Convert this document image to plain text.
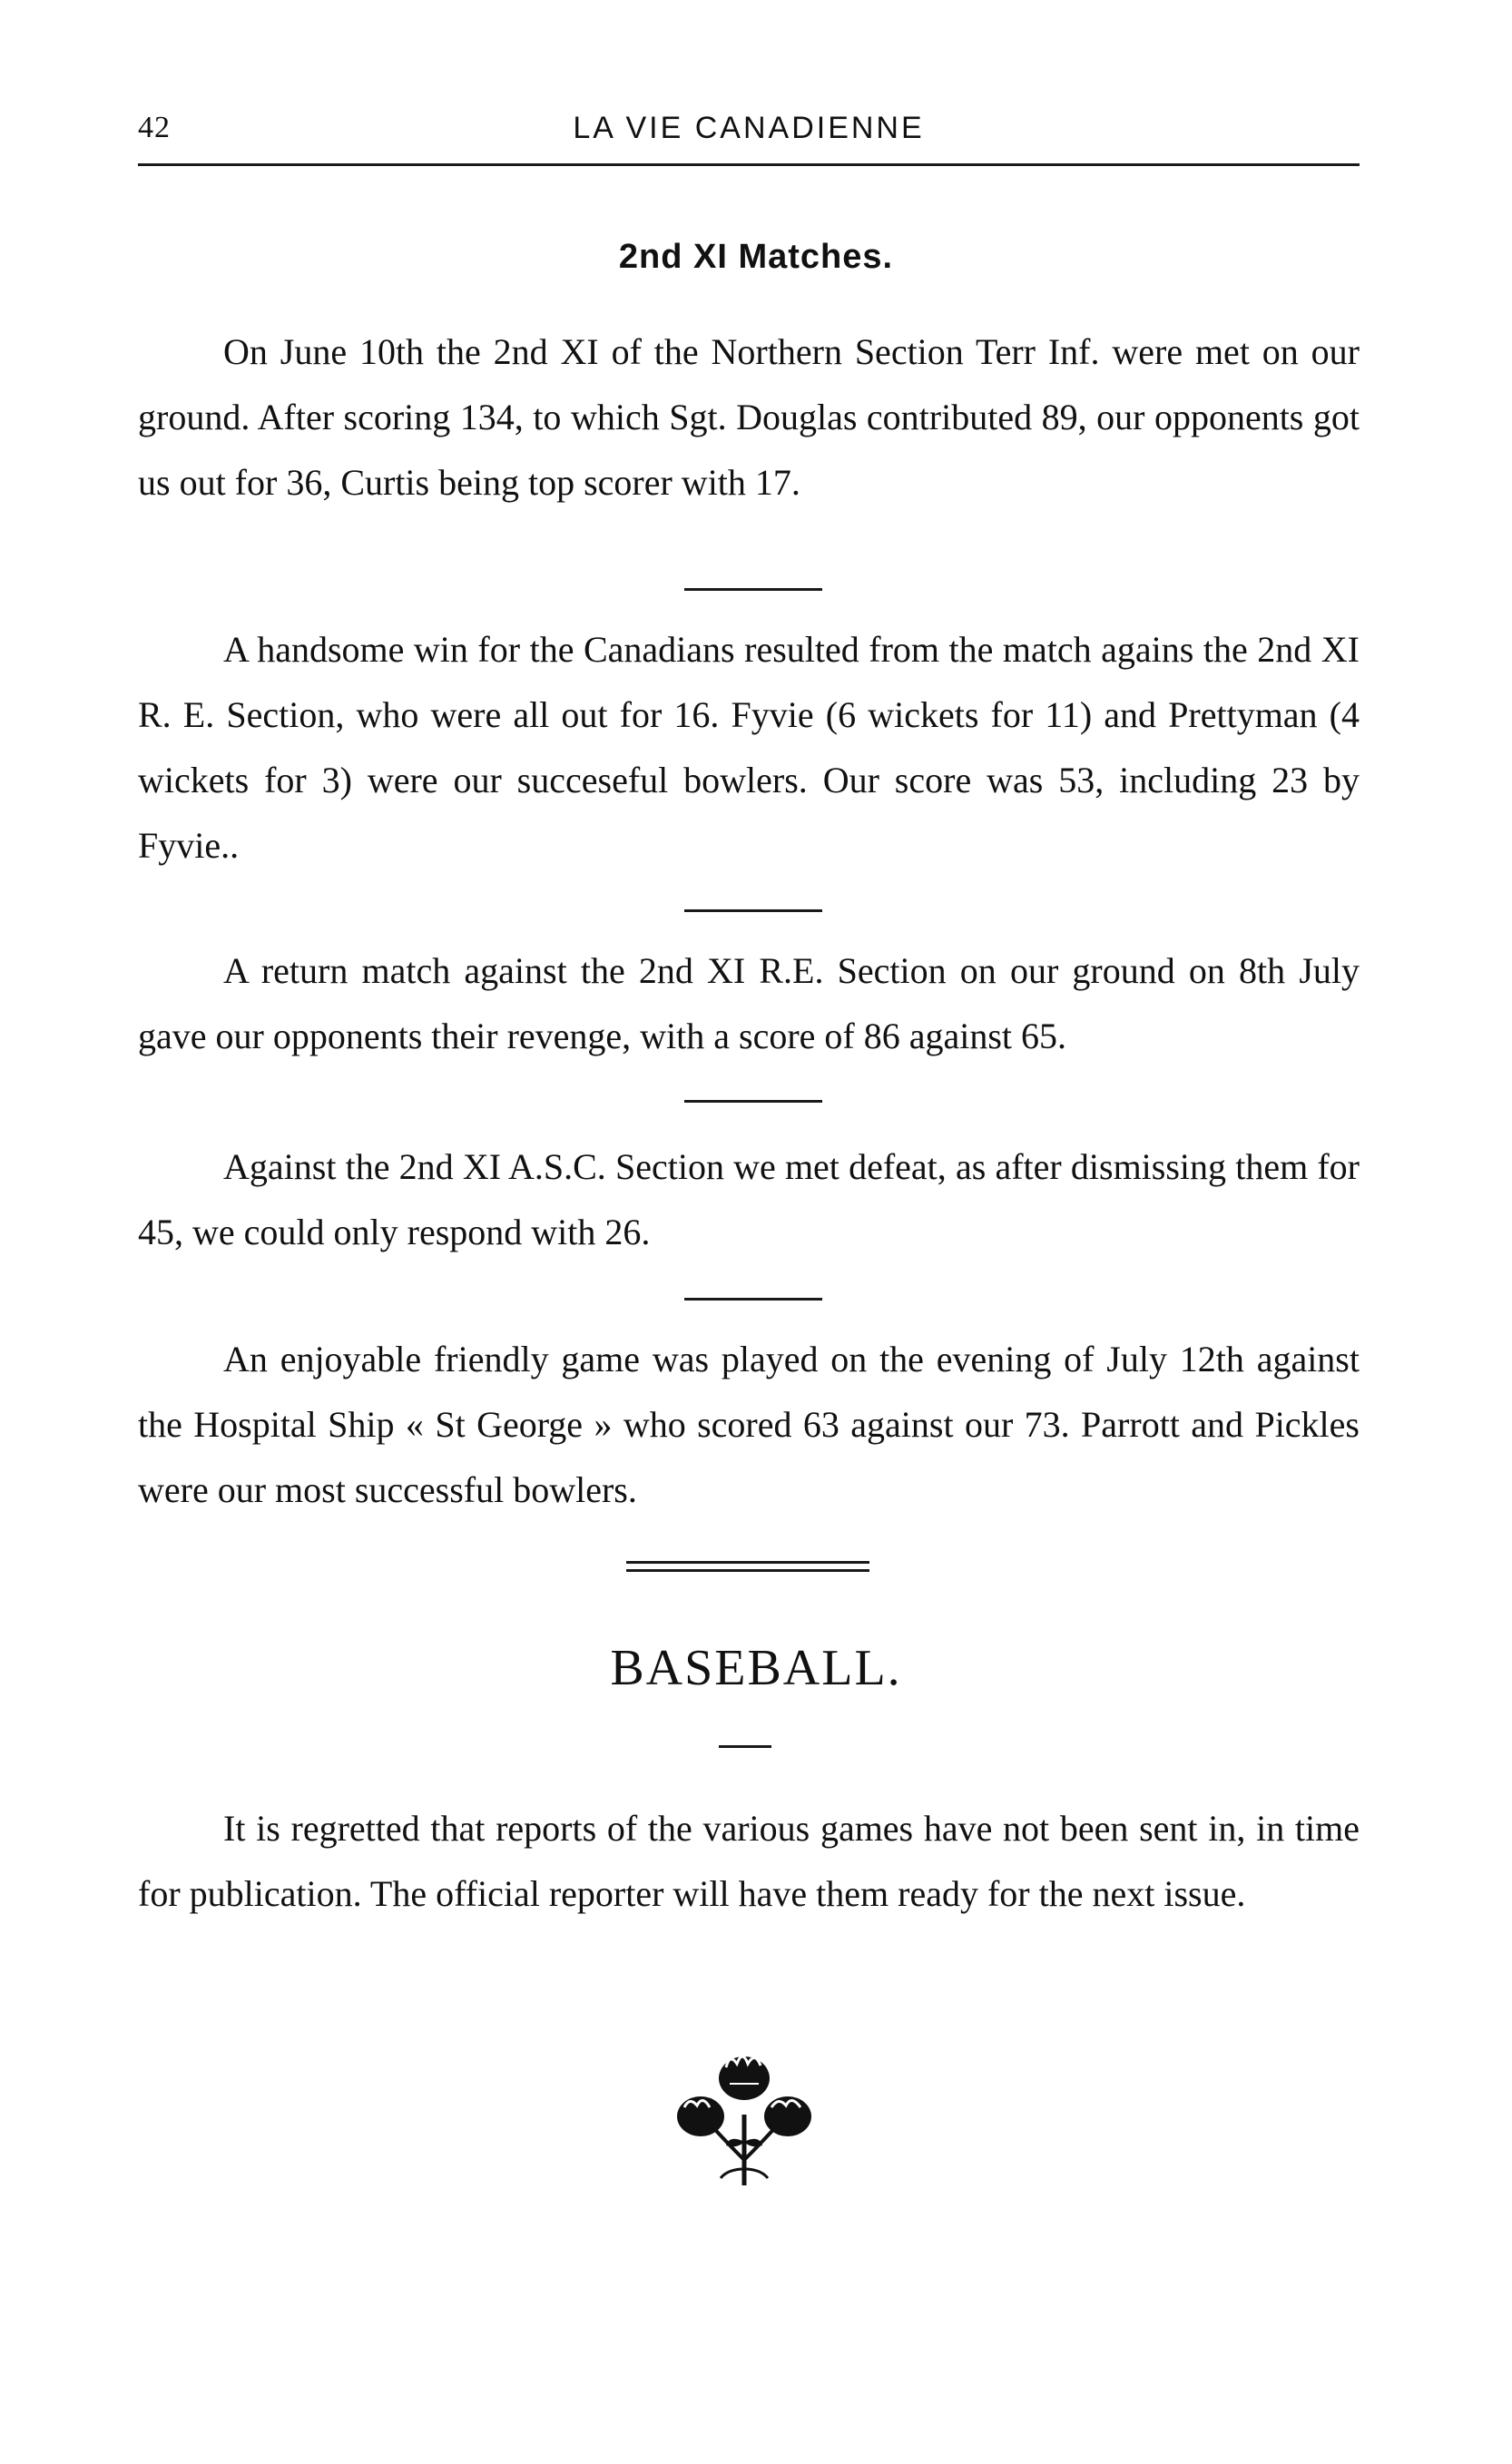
42	LA VIE CANADIENNE
2nd XI Matches.

On June 10th the 2nd XI of the Northern Section Terr Inf. were met on our ground. After scoring 134, to which Sgt. Douglas contributed 89, our opponents got us out for 36, Curtis being top scorer with 17.

A handsome win for the Canadians resulted from the match agains the 2nd XI R. E. Section, who were all out for 16. Fyvie (6 wickets for 11) and Prettyman (4 wickets for 3) were our succeseful bowlers. Our score was 53, including 23 by Fyvie..

A return match against the 2nd XI R.E. Section on our ground on 8th July gave our opponents their revenge, with a score of 86 against 65.

Against the 2nd XI A.S.C. Section we met defeat, as after dismissing them for 45, we could only respond with 26.

An enjoyable friendly game was played on the evening of July 12th against the Hospital Ship « St George » who scored 63 against our 73. Parrott and Pickles were our most successful bowlers.

BASEBALL.

It is regretted that reports of the various games have not been sent in, in time for publication. The official reporter will have them ready for the next issue.
